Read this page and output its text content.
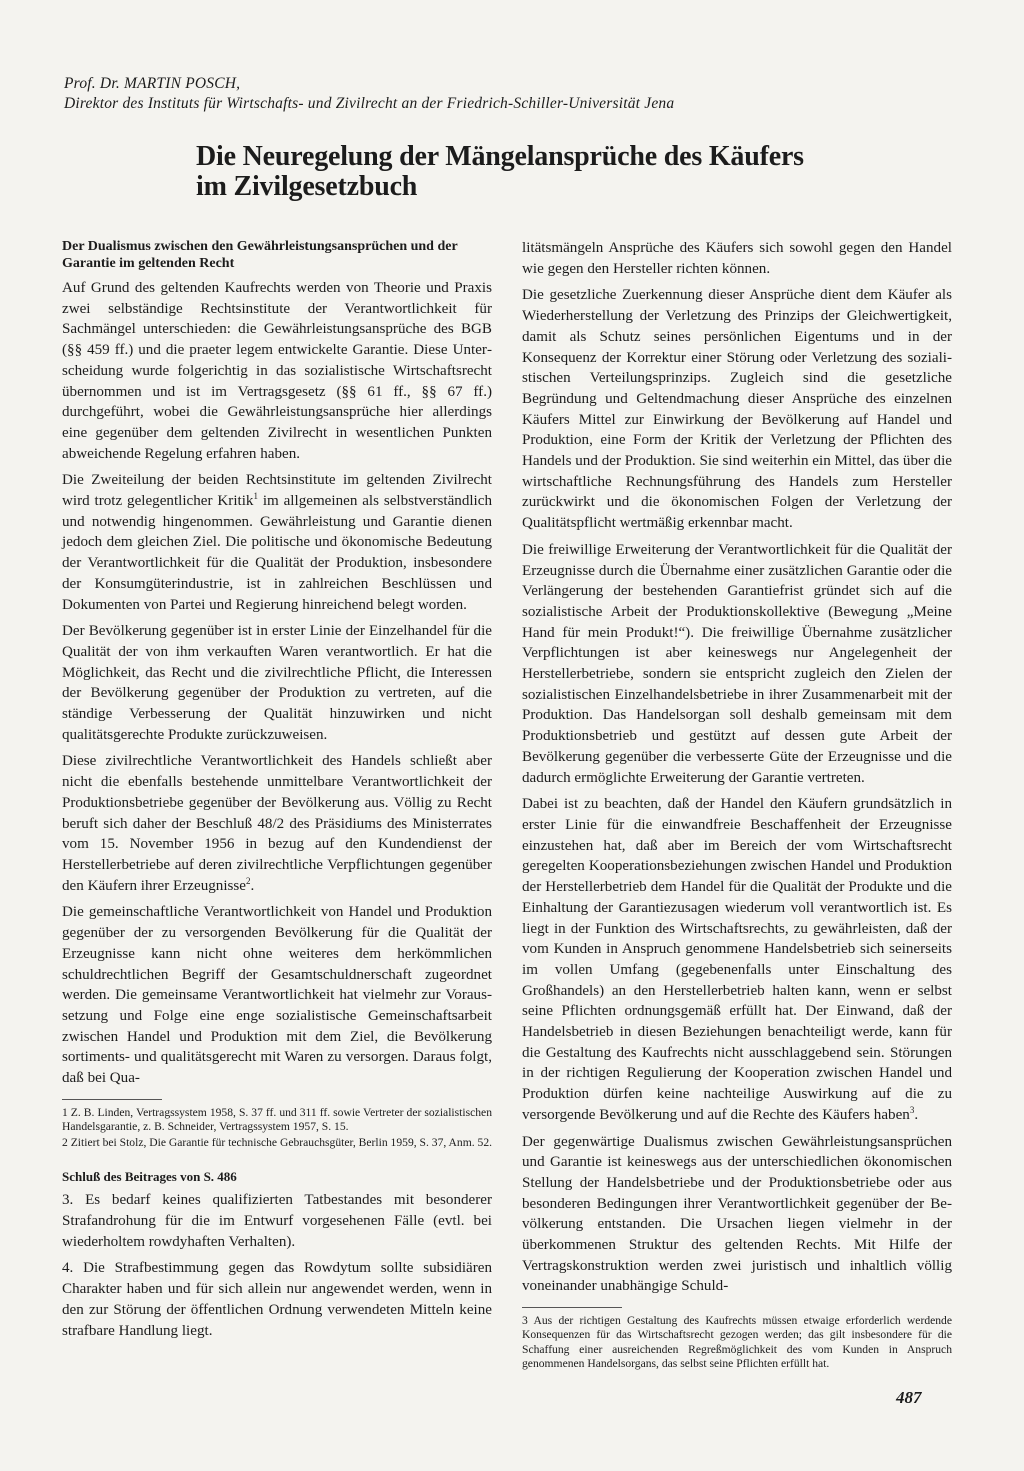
Prof. Dr. MARTIN POSCH,
Direktor des Instituts für Wirtschafts- und Zivilrecht an der Friedrich-Schiller-Universität Jena
Die Neuregelung der Mängelansprüche des Käufers
im Zivilgesetzbuch

Der Dualismus zwischen den Gewährleistungsansprüchen und der Garantie im geltenden Recht

Auf Grund des geltenden Kaufrechts werden von Theorie und Praxis zwei selbständige Rechtsinstitute der Verantwortlichkeit für Sachmängel unterschieden: die Gewährleistungsansprüche des BGB (§§ 459 ff.) und die praeter legem entwickelte Garantie. Diese Unterscheidung wurde folgerichtig in das sozialistische Wirtschaftsrecht übernommen und ist im Vertragsgesetz (§§ 61 ff., §§ 67 ff.) durchgeführt, wobei die Gewährleistungsansprüche hier allerdings eine gegenüber dem geltenden Zivilrecht in wesentlichen Punkten abweichende Regelung erfahren haben.

Die Zweiteilung der beiden Rechtsinstitute im geltenden Zivilrecht wird trotz gelegentlicher Kritik$^1$ im allgemeinen als selbstverständlich und notwendig hingenommen. Gewährleistung und Garantie dienen jedoch dem gleichen Ziel. Die politische und ökonomische Bedeutung der Verantwortlichkeit für die Qualität der Produktion, insbesondere der Konsumgüterindustrie, ist in zahlreichen Beschlüssen und Dokumenten von Partei und Regierung hinreichend belegt worden.

Der Bevölkerung gegenüber ist in erster Linie der Einzelhandel für die Qualität der von ihm verkauften Waren verantwortlich. Er hat die Möglichkeit, das Recht und die zivilrechtliche Pflicht, die Interessen der Bevölkerung gegenüber der Produktion zu vertreten, auf die ständige Verbesserung der Qualität hinzuwirken und nicht qualitätsgerechte Produkte zurückzuweisen.

Diese zivilrechtliche Verantwortlichkeit des Handels schließt aber nicht die ebenfalls bestehende unmittelbare Verantwortlichkeit der Produktionsbetriebe gegenüber der Bevölkerung aus. Völlig zu Recht beruft sich daher der Beschluß 48/2 des Präsidiums des Ministerrates vom 15. November 1956 in bezug auf den Kundendienst der Herstellerbetriebe auf deren zivilrechtliche Verpflichtungen gegenüber den Käufern ihrer Erzeugnisse$^2$.

Die gemeinschaftliche Verantwortlichkeit von Handel und Produktion gegenüber der zu versorgenden Bevölkerung für die Qualität der Erzeugnisse kann nicht ohne weiteres dem herkömmlichen schuldrechtlichen Begriff der Gesamtschuldnerschaft zugeordnet werden. Die gemeinsame Verantwortlichkeit hat vielmehr zur Voraussetzung und Folge eine enge sozialistische Gemeinschaftsarbeit zwischen Handel und Produktion mit dem Ziel, die Bevölkerung sortiments- und qualitätsgerecht mit Waren zu versorgen. Daraus folgt, daß bei Qua-

1 Z. B. Linden, Vertragssystem 1958, S. 37 ff. und 311 ff. sowie Vertreter der sozialistischen Handelsgarantie, z. B. Schneider, Vertragssystem 1957, S. 15.

2 Zitiert bei Stolz, Die Garantie für technische Gebrauchsgüter, Berlin 1959, S. 37, Anm. 52.

Schluß des Beitrages von S. 486

3. Es bedarf keines qualifizierten Tatbestandes mit besonderer Strafandrohung für die im Entwurf vorgesehenen Fälle (evtl. bei wiederholtem rowdyhaften Verhalten).

4. Die Strafbestimmung gegen das Rowdytum sollte subsidiären Charakter haben und für sich allein nur angewendet werden, wenn in den zur Störung der öffentlichen Ordnung verwendeten Mitteln keine strafbare Handlung liegt.

litätsmängeln Ansprüche des Käufers sich sowohl gegen den Handel wie gegen den Hersteller richten können.

Die gesetzliche Zuerkennung dieser Ansprüche dient dem Käufer als Wiederherstellung der Verletzung des Prinzips der Gleichwertigkeit, damit als Schutz seines persönlichen Eigentums und in der Konsequenz der Korrektur einer Störung oder Verletzung des sozialistischen Verteilungsprinzips. Zugleich sind die gesetzliche Begründung und Geltendmachung dieser Ansprüche des einzelnen Käufers Mittel zur Einwirkung der Bevölkerung auf Handel und Produktion, eine Form der Kritik der Verletzung der Pflichten des Handels und der Produktion. Sie sind weiterhin ein Mittel, das über die wirtschaftliche Rechnungsführung des Handels zum Hersteller zurückwirkt und die ökonomischen Folgen der Verletzung der Qualitätspflicht wertmäßig erkennbar macht.

Die freiwillige Erweiterung der Verantwortlichkeit für die Qualität der Erzeugnisse durch die Übernahme einer zusätzlichen Garantie oder die Verlängerung der bestehenden Garantiefrist gründet sich auf die sozialistische Arbeit der Produktionskollektive (Bewegung „Meine Hand für mein Produkt!“). Die freiwillige Übernahme zusätzlicher Verpflichtungen ist aber keineswegs nur Angelegenheit der Herstellerbetriebe, sondern sie entspricht zugleich den Zielen der sozialistischen Einzelhandelsbetriebe in ihrer Zusammenarbeit mit der Produktion. Das Handelsorgan soll deshalb gemeinsam mit dem Produktionsbetrieb und gestützt auf dessen gute Arbeit der Bevölkerung gegenüber die verbesserte Güte der Erzeugnisse und die dadurch ermöglichte Erweiterung der Garantie vertreten.

Dabei ist zu beachten, daß der Handel den Käufern grundsätzlich in erster Linie für die einwandfreie Beschaffenheit der Erzeugnisse einzustehen hat, daß aber im Bereich der vom Wirtschaftsrecht geregelten Kooperationsbeziehungen zwischen Handel und Produktion der Herstellerbetrieb dem Handel für die Qualität der Produkte und die Einhaltung der Garantiezusagen wiederum voll verantwortlich ist. Es liegt in der Funktion des Wirtschaftsrechts, zu gewährleisten, daß der vom Kunden in Anspruch genommene Handelsbetrieb sich seinerseits im vollen Umfang (gegebenenfalls unter Einschaltung des Großhandels) an den Herstellerbetrieb halten kann, wenn er selbst seine Pflichten ordnungsgemäß erfüllt hat. Der Einwand, daß der Handelsbetrieb in diesen Beziehungen benachteiligt werde, kann für die Gestaltung des Kaufrechts nicht ausschlaggebend sein. Störungen in der richtigen Regulierung der Kooperation zwischen Handel und Produktion dürfen keine nachteilige Auswirkung auf die zu versorgende Bevölkerung und auf die Rechte des Käufers haben$^3$.

Der gegenwärtige Dualismus zwischen Gewährleistungsansprüchen und Garantie ist keineswegs aus der unterschiedlichen ökonomischen Stellung der Handelsbetriebe und der Produktionsbetriebe oder aus besonderen Bedingungen ihrer Verantwortlichkeit gegenüber der Bevölkerung entstanden. Die Ursachen liegen vielmehr in der überkommenen Struktur des geltenden Rechts. Mit Hilfe der Vertragskonstruktion werden zwei juristisch und inhaltlich völlig voneinander unabhängige Schuld-

3 Aus der richtigen Gestaltung des Kaufrechts müssen etwaige erforderlich werdende Konsequenzen für das Wirtschaftsrecht gezogen werden; das gilt insbesondere für die Schaffung einer ausreichenden Regreßmöglichkeit des vom Kunden in Anspruch genommenen Handelsorgans, das selbst seine Pflichten erfüllt hat.

487
